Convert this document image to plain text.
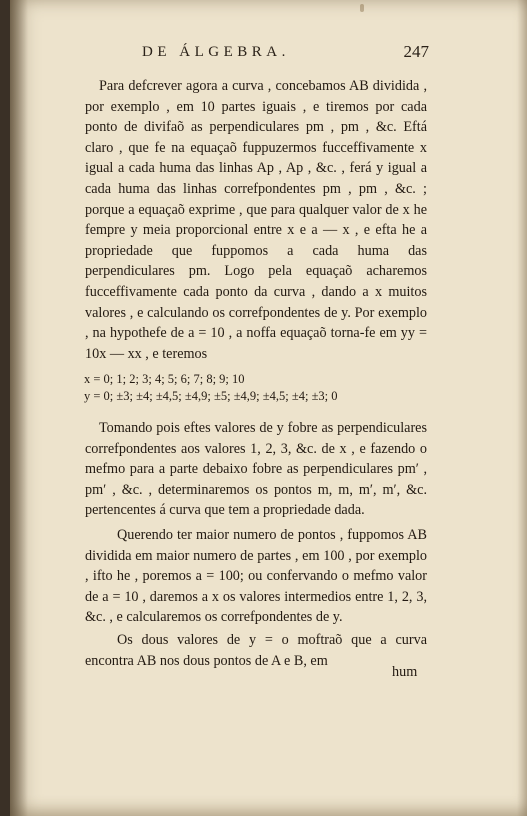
DE ÁLGEBRA.	247

Para defcrever agora a curva , concebamos AB dividida , por exemplo , em 10 partes iguais , e tiremos por cada ponto de divifaõ as perpendiculares pm , pm , &c. Eftá claro , que fe na equaçaõ fuppuzermos fucceffivamente x igual a cada huma das linhas Ap , Ap , &c. , ferá y igual a cada huma das linhas correfpondentes pm , pm , &c. ; porque a equaçaõ exprime , que para qualquer valor de x he fempre y meia proporcional entre x e a — x , e efta he a propriedade que fuppomos a cada huma das perpendiculares pm. Logo pela equaçaõ acharemos fucceffivamente cada ponto da curva , dando a x muitos valores , e calculando os correfpondentes de y. Por exemplo , na hypothefe de a = 10 , a noffa equaçaõ torna-fe em yy = 10x — xx , e teremos

x = 0; 1; 2; 3; 4; 5; 6; 7; 8; 9; 10
y = 0; ±3; ±4; ±4,5; ±4,9; ±5; ±4,9; ±4,5; ±4; ±3; 0

Tomando pois eftes valores de y fobre as perpendiculares correfpondentes aos valores 1, 2, 3, &c. de x , e fazendo o mefmo para a parte debaixo fobre as perpendiculares pm′ , pm′ , &c. , determinaremos os pontos m, m, m′, m′, &c. pertencentes á curva que tem a propriedade dada.

Querendo ter maior numero de pontos , fuppomos AB dividida em maior numero de partes , em 100 , por exemplo , ifto he , poremos a = 100; ou confervando o mefmo valor de a = 10 , daremos a x os valores intermedios entre 1, 2, 3, &c. , e calcularemos os correfpondentes de y.

Os dous valores de y = o moftraõ que a curva encontra AB nos dous pontos de A e B, em

hum
